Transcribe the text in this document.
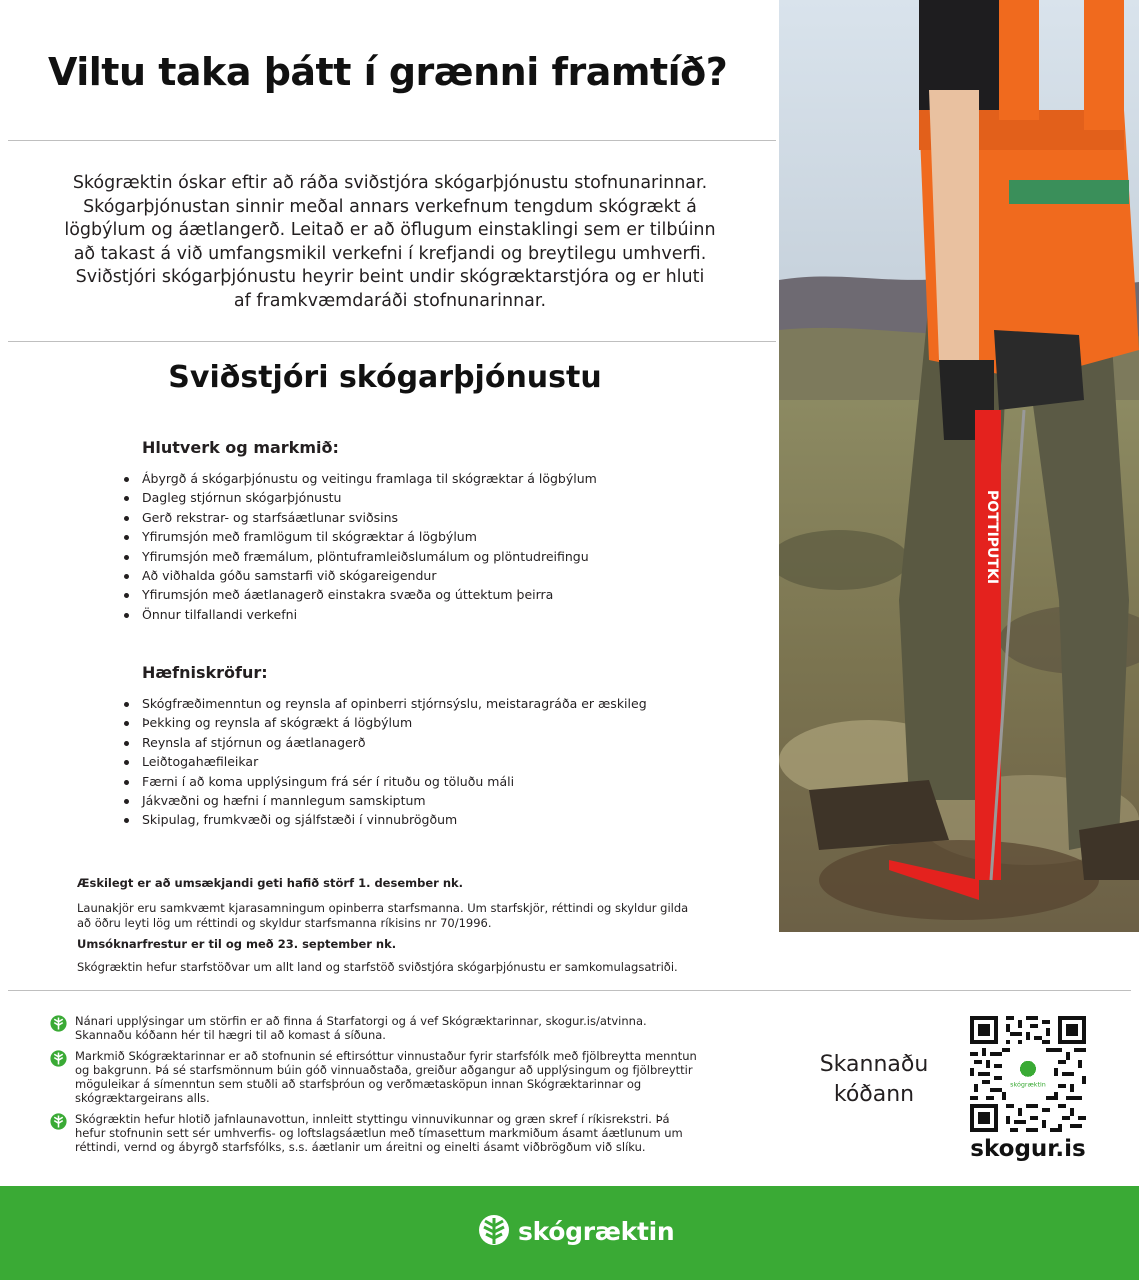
Viltu taka þátt í grænni framtíð?
Skógræktin óskar eftir að ráða sviðstjóra skógarþjónustu stofnunarinnar.
Skógarþjónustan sinnir meðal annars verkefnum tengdum skógrækt á
lögbýlum og áætlangerð. Leitað er að öflugum einstaklingi sem er tilbúinn
að takast á við umfangsmikil verkefni í krefjandi og breytilegu umhverfi.
Sviðstjóri skógarþjónustu heyrir beint undir skógræktarstjóra og er hluti
af framkvæmdaráði stofnunarinnar.
Sviðstjóri skógarþjónustu
Hlutverk og markmið:
Ábyrgð á skógarþjónustu og veitingu framlaga til skógræktar á lögbýlum
Dagleg stjórnun skógarþjónustu
Gerð rekstrar- og starfsáætlunar sviðsins
Yfirumsjón með framlögum til skógræktar á lögbýlum
Yfirumsjón með fræmálum, plöntuframleiðslumálum og plöntudreifingu
Að viðhalda góðu samstarfi við skógareigendur
Yfirumsjón með áætlanagerð einstakra svæða og úttektum þeirra
Önnur tilfallandi verkefni
Hæfniskröfur:
Skógfræðimenntun og reynsla af opinberri stjórnsýslu, meistaragráða er æskileg
Þekking og reynsla af skógrækt á lögbýlum
Reynsla af stjórnun og áætlanagerð
Leiðtogahæfileikar
Færni í að koma upplýsingum frá sér í rituðu og töluðu máli
Jákvæðni og hæfni í mannlegum samskiptum
Skipulag, frumkvæði og sjálfstæði í vinnubrögðum

Æskilegt er að umsækjandi geti hafið störf 1. desember nk.

Launakjör eru samkvæmt kjarasamningum opinberra starfsmanna. Um starfskjör, réttindi og skyldur gilda
að öðru leyti lög um réttindi og skyldur starfsmanna ríkisins nr 70/1996.

Umsóknarfrestur er til og með 23. september nk.

Skógræktin hefur starfstöðvar um allt land og starfstöð sviðstjóra skógarþjónustu er samkomulagsatriði.

POTTIPUTKI
Nánari upplýsingar um störfin er að finna á Starfatorgi og á vef Skógræktarinnar, skogur.is/atvinna.
Skannaðu kóðann hér til hægri til að komast á síðuna.
Markmið Skógræktarinnar er að stofnunin sé eftirsóttur vinnustaður fyrir starfsfólk með fjölbreytta menntun
og bakgrunn. Þá sé starfsmönnum búin góð vinnuaðstaða, greiður aðgangur að upplýsingum og fjölbreyttir
möguleikar á símenntun sem stuðli að starfsþróun og verðmætasköpun innan Skógræktarinnar og
skógræktargeirans alls.
Skógræktin hefur hlotið jafnlaunavottun, innleitt styttingu vinnuvikunnar og græn skref í ríkisrekstri. Þá
hefur stofnunin sett sér umhverfis- og loftslagsáætlun með tímasettum markmiðum ásamt áætlunum um
réttindi, vernd og ábyrgð starfsfólks, s.s. áætlanir um áreitni og einelti ásamt viðbrögðum við slíku.
Skannaðu
kóðann	skógræktin
skogur.is
skógræktin
